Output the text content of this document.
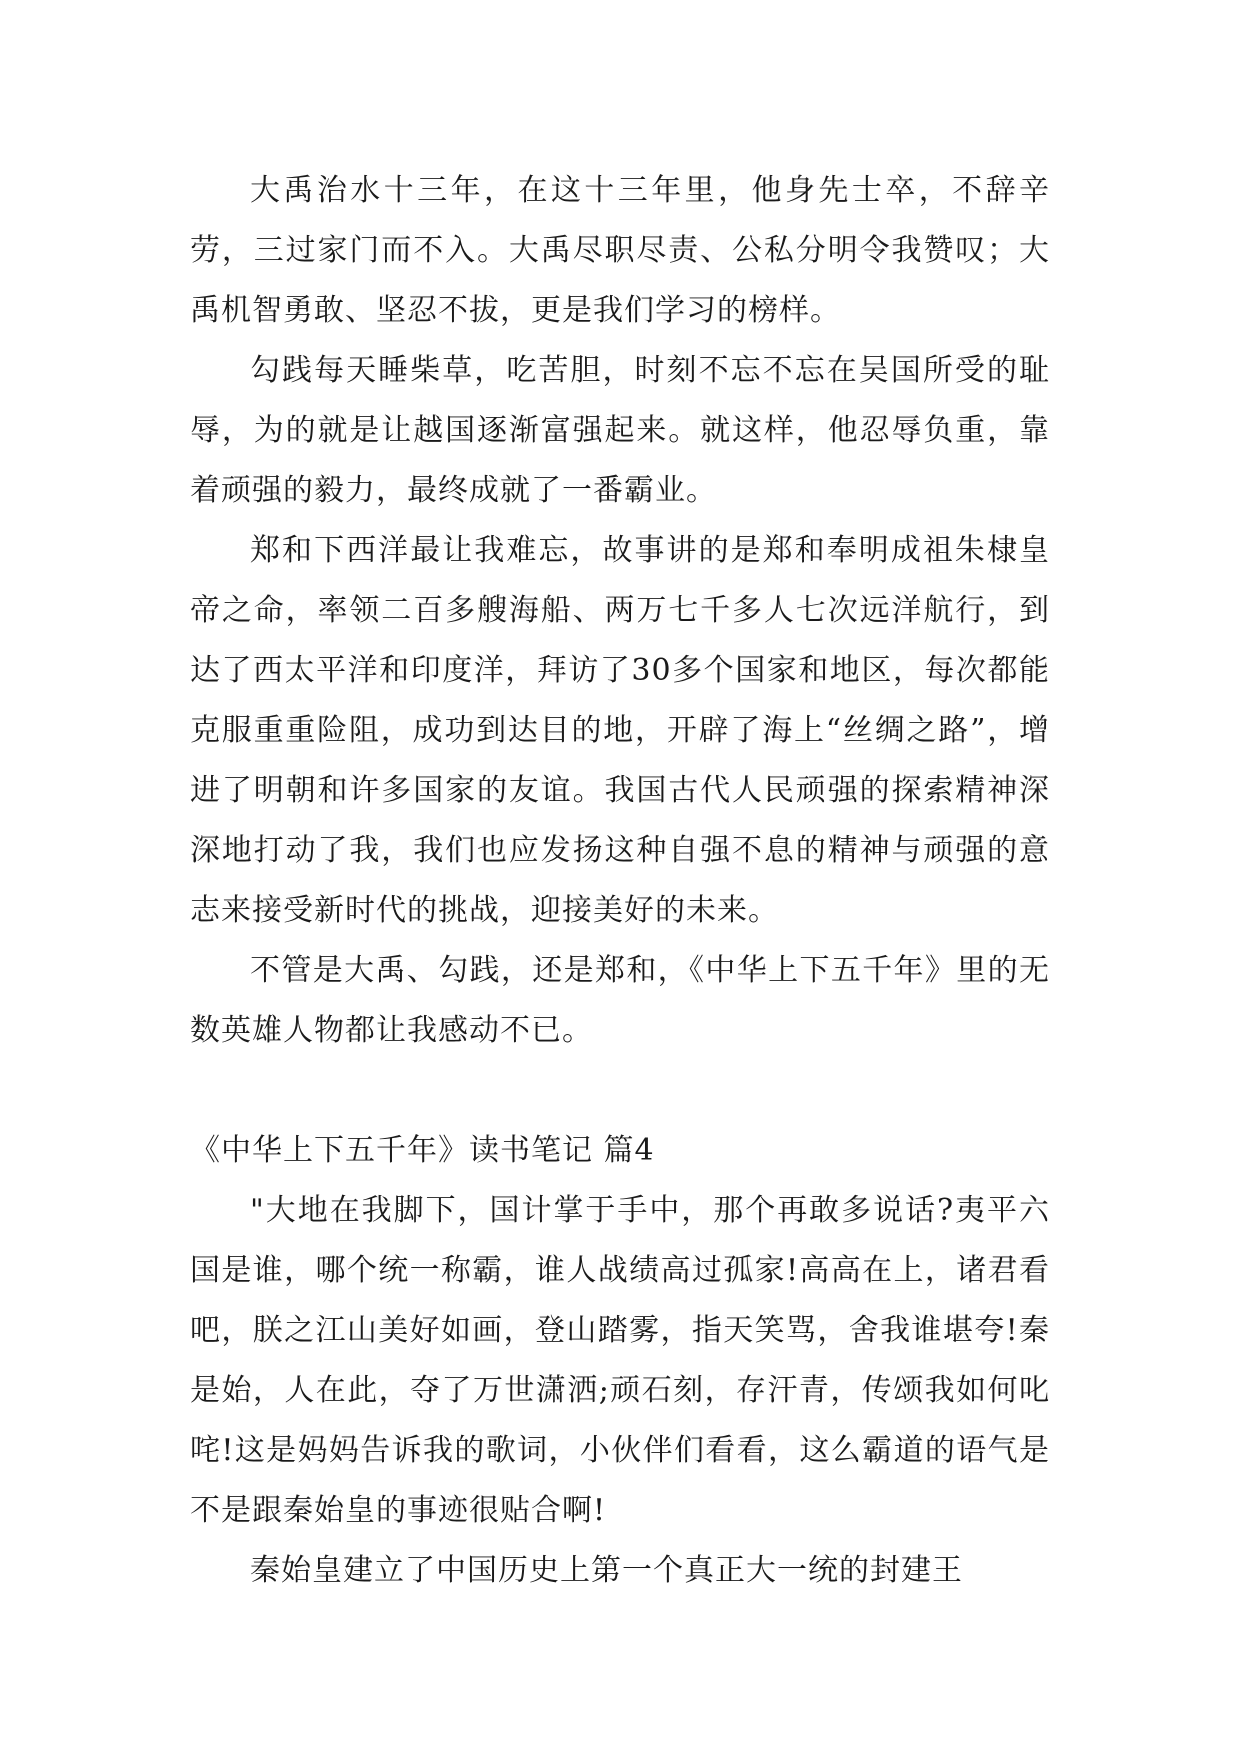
大禹治水十三年，在这十三年里，他身先士卒，不辞辛劳，三过家门而不入。大禹尽职尽责、公私分明令我赞叹；大禹机智勇敢、坚忍不拔，更是我们学习的榜样。

勾践每天睡柴草，吃苦胆，时刻不忘不忘在吴国所受的耻辱，为的就是让越国逐渐富强起来。就这样，他忍辱负重，靠着顽强的毅力，最终成就了一番霸业。

郑和下西洋最让我难忘，故事讲的是郑和奉明成祖朱棣皇帝之命，率领二百多艘海船、两万七千多人七次远洋航行，到达了西太平洋和印度洋，拜访了30多个国家和地区，每次都能克服重重险阻，成功到达目的地，开辟了海上“丝绸之路”，增进了明朝和许多国家的友谊。我国古代人民顽强的探索精神深深地打动了我，我们也应发扬这种自强不息的精神与顽强的意志来接受新时代的挑战，迎接美好的未来。

不管是大禹、勾践，还是郑和，《中华上下五千年》里的无数英雄人物都让我感动不已。

《中华上下五千年》读书笔记 篇4

"大地在我脚下，国计掌于手中，那个再敢多说话?夷平六国是谁，哪个统一称霸，谁人战绩高过孤家!高高在上，诸君看吧，朕之江山美好如画，登山踏雾，指天笑骂，舍我谁堪夸!秦是始，人在此，夺了万世潇洒;顽石刻，存汗青，传颂我如何叱咤!这是妈妈告诉我的歌词，小伙伴们看看，这么霸道的语气是不是跟秦始皇的事迹很贴合啊!

秦始皇建立了中国历史上第一个真正大一统的封建王
